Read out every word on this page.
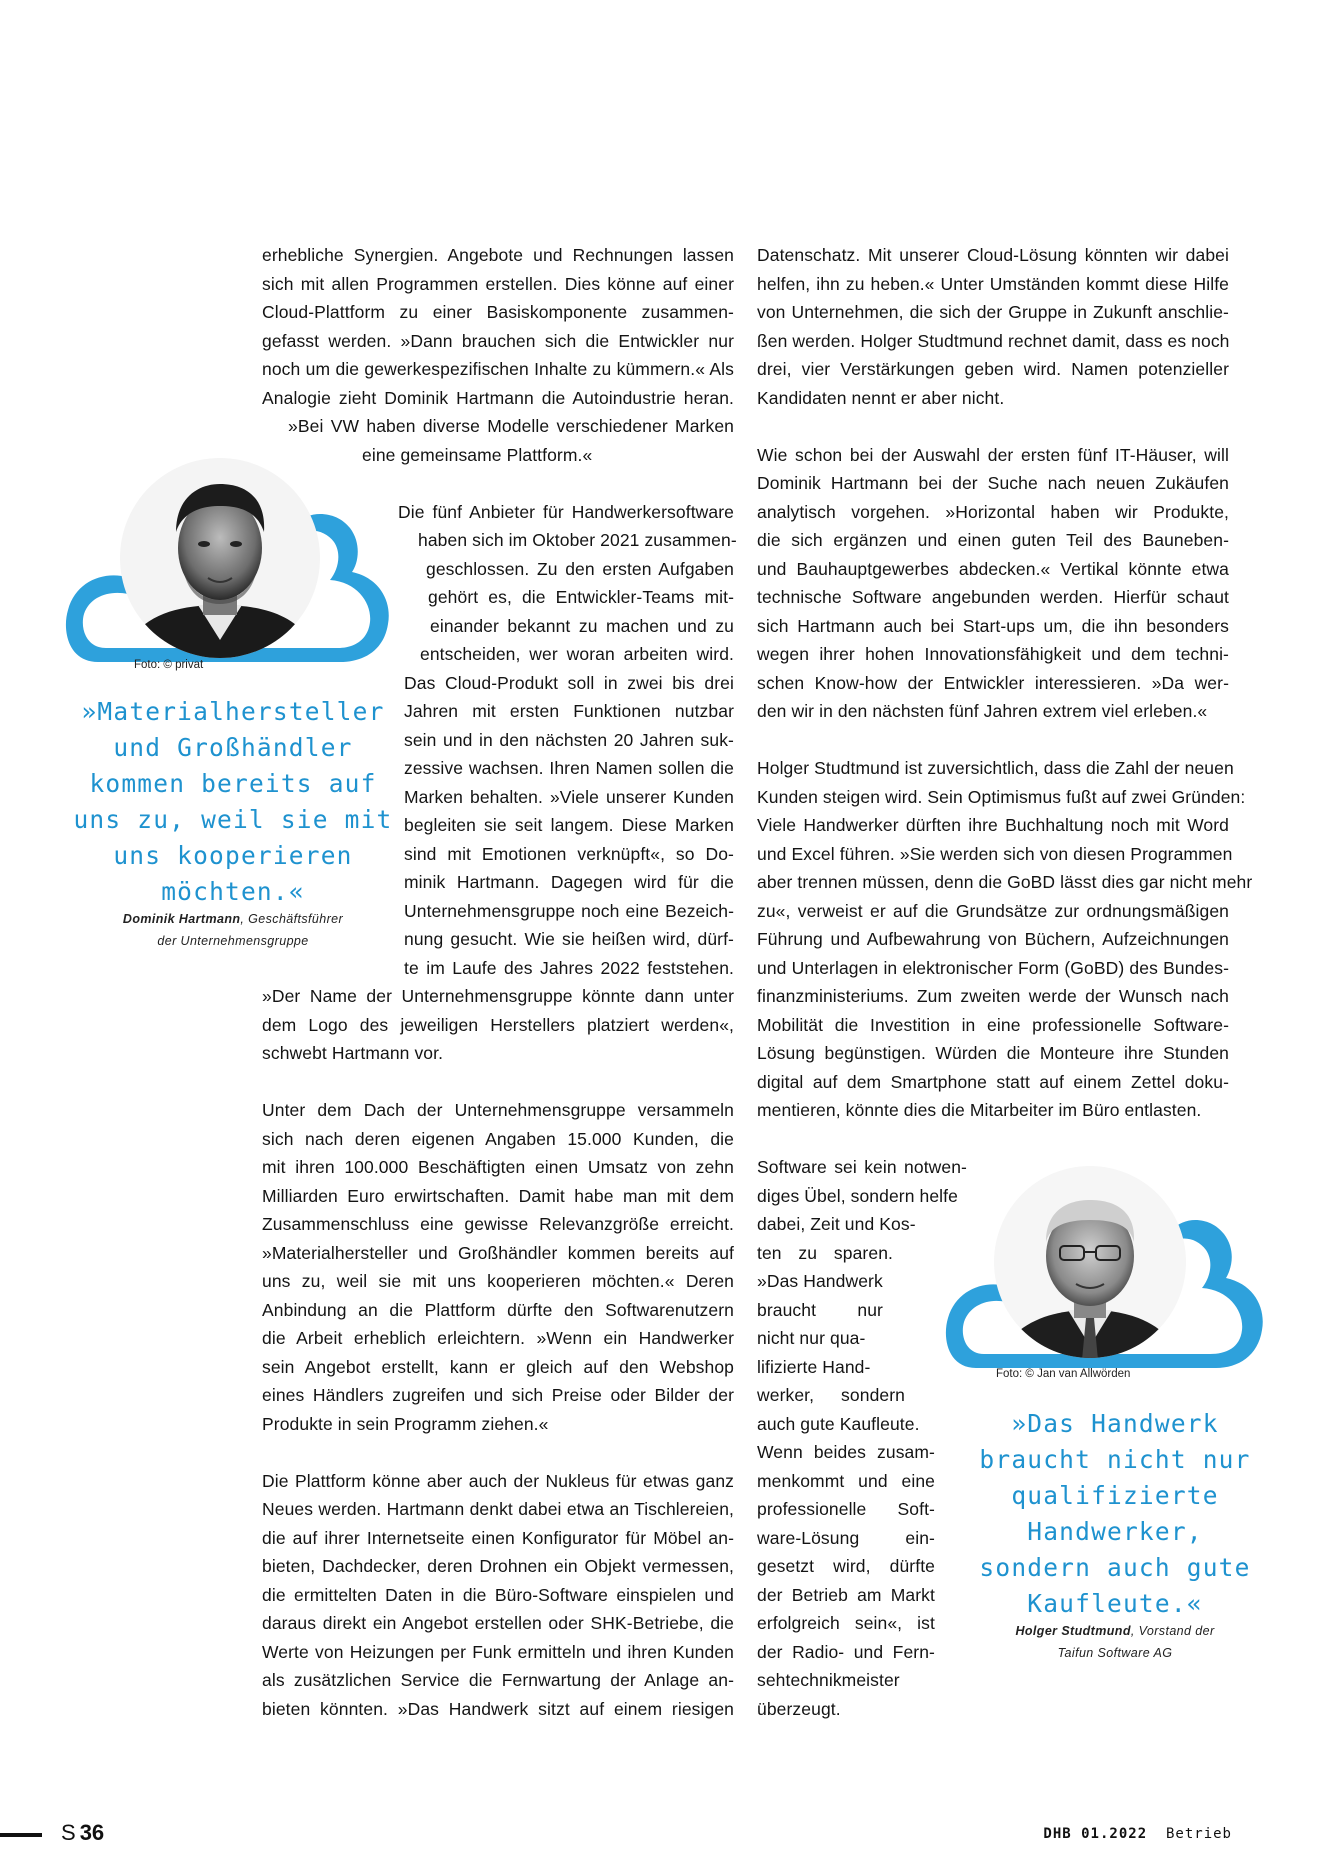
Foto: © privat
»Materialhersteller
und Großhändler
kommen bereits auf
uns zu, weil sie mit
uns kooperieren
möchten.«
Dominik Hartmann, Geschäftsführer
der Unternehmensgruppe
erhebliche Synergien. Angebote und Rechnungen lassen
sich mit allen Programmen erstellen. Dies könne auf einer
Cloud-Plattform zu einer Basiskomponente zusammen-
gefasst werden. »Dann brauchen sich die Entwickler nur
noch um die gewerkespezifischen Inhalte zu kümmern.« Als
Analogie zieht Dominik Hartmann die Autoindustrie heran.
»Bei VW haben diverse Modelle verschiedener Marken
eine gemeinsame Plattform.«
Die fünf Anbieter für Handwerkersoftware
haben sich im Oktober 2021 zusammen-
geschlossen. Zu den ersten Aufgaben
gehört es, die Entwickler-Teams mit-
einander bekannt zu machen und zu
entscheiden, wer woran arbeiten wird.
Das Cloud-Produkt soll in zwei bis drei
Jahren mit ersten Funktionen nutzbar
sein und in den nächsten 20 Jahren suk-
zessive wachsen. Ihren Namen sollen die
Marken behalten. »Viele unserer Kunden
begleiten sie seit langem. Diese Marken
sind mit Emotionen verknüpft«, so Do-
minik Hartmann. Dagegen wird für die
Unternehmensgruppe noch eine Bezeich-
nung gesucht. Wie sie heißen wird, dürf-
te im Laufe des Jahres 2022 feststehen.
»Der Name der Unternehmensgruppe könnte dann unter
dem Logo des jeweiligen Herstellers platziert werden«,
schwebt Hartmann vor.
Unter dem Dach der Unternehmensgruppe versammeln
sich nach deren eigenen Angaben 15.000 Kunden, die
mit ihren 100.000 Beschäftigten einen Umsatz von zehn
Milliarden Euro erwirtschaften. Damit habe man mit dem
Zusammenschluss eine gewisse Relevanzgröße erreicht.
»Materialhersteller und Großhändler kommen bereits auf
uns zu, weil sie mit uns kooperieren möchten.« Deren
Anbindung an die Plattform dürfte den Softwarenutzern
die Arbeit erheblich erleichtern. »Wenn ein Handwerker
sein Angebot erstellt, kann er gleich auf den Webshop
eines Händlers zugreifen und sich Preise oder Bilder der
Produkte in sein Programm ziehen.«
Die Plattform könne aber auch der Nukleus für etwas ganz
Neues werden. Hartmann denkt dabei etwa an Tischlereien,
die auf ihrer Internetseite einen Konfigurator für Möbel an-
bieten, Dachdecker, deren Drohnen ein Objekt vermessen,
die ermittelten Daten in die Büro-Software einspielen und
daraus direkt ein Angebot erstellen oder SHK-Betriebe, die
Werte von Heizungen per Funk ermitteln und ihren Kunden
als zusätzlichen Service die Fernwartung der Anlage an-
bieten könnten. »Das Handwerk sitzt auf einem riesigen
Datenschatz. Mit unserer Cloud-Lösung könnten wir dabei
helfen, ihn zu heben.« Unter Umständen kommt diese Hilfe
von Unternehmen, die sich der Gruppe in Zukunft anschlie-
ßen werden. Holger Studtmund rechnet damit, dass es noch
drei, vier Verstärkungen geben wird. Namen potenzieller
Kandidaten nennt er aber nicht.
Wie schon bei der Auswahl der ersten fünf IT-Häuser, will
Dominik Hartmann bei der Suche nach neuen Zukäufen
analytisch vorgehen. »Horizontal haben wir Produkte,
die sich ergänzen und einen guten Teil des Bauneben-
und Bauhauptgewerbes abdecken.« Vertikal könnte etwa
technische Software angebunden werden. Hierfür schaut
sich Hartmann auch bei Start-ups um, die ihn besonders
wegen ihrer hohen Innovationsfähigkeit und dem techni-
schen Know-how der Entwickler interessieren. »Da wer-
den wir in den nächsten fünf Jahren extrem viel erleben.«
Holger Studtmund ist zuversichtlich, dass die Zahl der neuen
Kunden steigen wird. Sein Optimismus fußt auf zwei Gründen:
Viele Handwerker dürften ihre Buchhaltung noch mit Word
und Excel führen. »Sie werden sich von diesen Programmen
aber trennen müssen, denn die GoBD lässt dies gar nicht mehr
zu«, verweist er auf die Grundsätze zur ordnungsmäßigen
Führung und Aufbewahrung von Büchern, Aufzeichnungen
und Unterlagen in elektronischer Form (GoBD) des Bundes-
finanzministeriums. Zum zweiten werde der Wunsch nach
Mobilität die Investition in eine professionelle Software-
Lösung begünstigen. Würden die Monteure ihre Stunden
digital auf dem Smartphone statt auf einem Zettel doku-
mentieren, könnte dies die Mitarbeiter im Büro entlasten.
Software sei kein notwen-
diges Übel, sondern helfe
dabei, Zeit und Kos-
ten zu sparen.
»Das Handwerk
braucht nur
nicht nur qua-
lifizierte Hand-
werker, sondern
auch gute Kaufleute.
Wenn beides zusam-
menkommt und eine
professionelle Soft-
ware-Lösung ein-
gesetzt wird, dürfte
der Betrieb am Markt
erfolgreich sein«, ist
der Radio- und Fern-
sehtechnikmeister
überzeugt.
Foto: © Jan van Allwörden
»Das Handwerk
braucht nicht nur
qualifizierte
Handwerker,
sondern auch gute
Kaufleute.«
Holger Studtmund, Vorstand der
Taifun Software AG
S 36	DHB 01.2022 Betrieb
